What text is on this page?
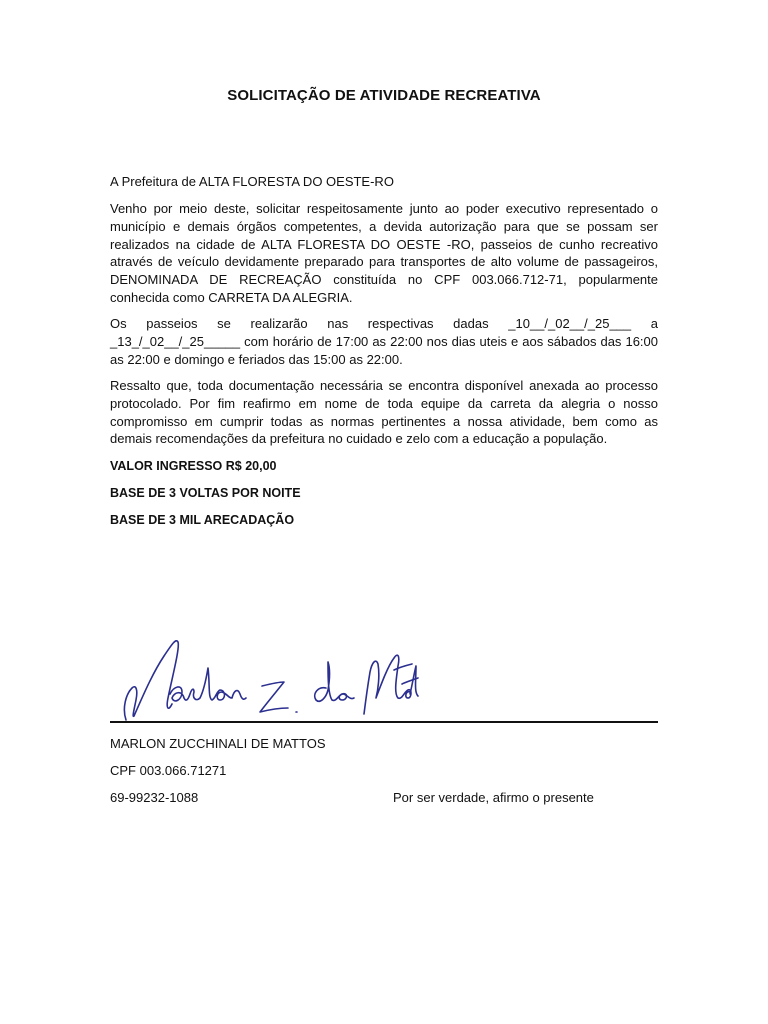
SOLICITAÇÃO DE ATIVIDADE RECREATIVA
A Prefeitura de ALTA FLORESTA DO OESTE-RO
Venho por meio deste, solicitar respeitosamente junto ao poder executivo representado o município e demais órgãos competentes, a devida autorização para que se possam ser realizados na cidade de ALTA FLORESTA DO OESTE -RO, passeios de cunho recreativo através de veículo devidamente preparado para transportes de alto volume de passageiros, DENOMINADA DE RECREAÇÃO constituída no CPF 003.066.712-71, popularmente conhecida como CARRETA DA ALEGRIA.
Os passeios se realizarão nas respectivas dadas _10__/_02__/_25___ a _13_/_02__/_25_____ com horário de 17:00 as 22:00 nos dias uteis e aos sábados das 16:00 as 22:00 e domingo e feriados das 15:00 as 22:00.
Ressalto que, toda documentação necessária se encontra disponível anexada ao processo protocolado. Por fim reafirmo em nome de toda equipe da carreta da alegria o nosso compromisso em cumprir todas as normas pertinentes a nossa atividade, bem como as demais recomendações da prefeitura no cuidado e zelo com a educação a população.
VALOR INGRESSO R$ 20,00
BASE DE 3 VOLTAS POR NOITE
BASE DE 3 MIL ARECADAÇÃO
MARLON ZUCCHINALI DE MATTOS
CPF 003.066.71271
69-99232-1088	Por ser verdade, afirmo o presente
